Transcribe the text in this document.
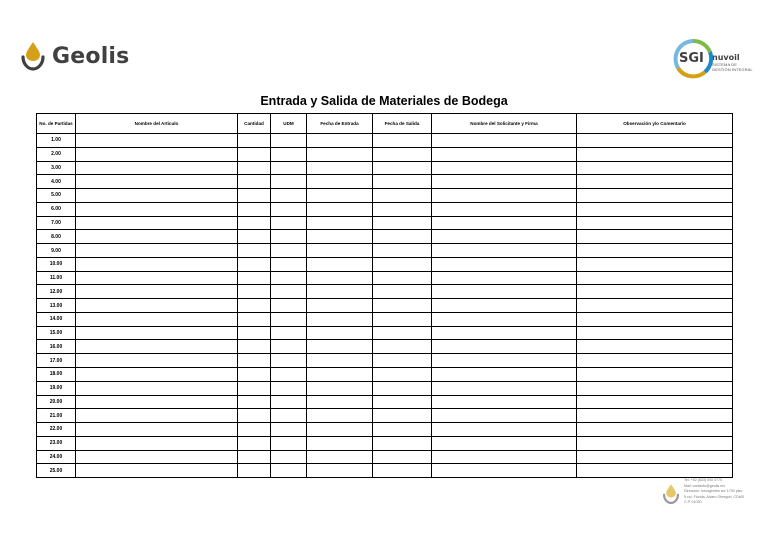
Geolis	SGI nuvoil
SISTEMA DE
GESTIÓN INTEGRAL
Entrada y Salida de Materiales de Bodega
No. de Partidas	Nombre del Articulo	Cantidad	UDM	Fecha de Entrada	Fecha de Salida	Nombre del Solicitante y Firma	Observación y/o Comentario
1.00							
2.00							
3.00							
4.00							
5.00							
6.00							
7.00							
8.00							
9.00							
10.00							
11.00							
12.00							
13.00							
14.00							
15.00							
16.00							
17.00							
18.00							
19.00							
20.00							
21.00							
22.00							
23.00							
24.00							
25.00							
Tel. +52 (833) 000 0770
Mail: contacto@geolis.mx
Dirección: Insurgentes sur 1700 piso
5 col. Florida, Alvaro Obregón, CDMX
C.P. 01030
